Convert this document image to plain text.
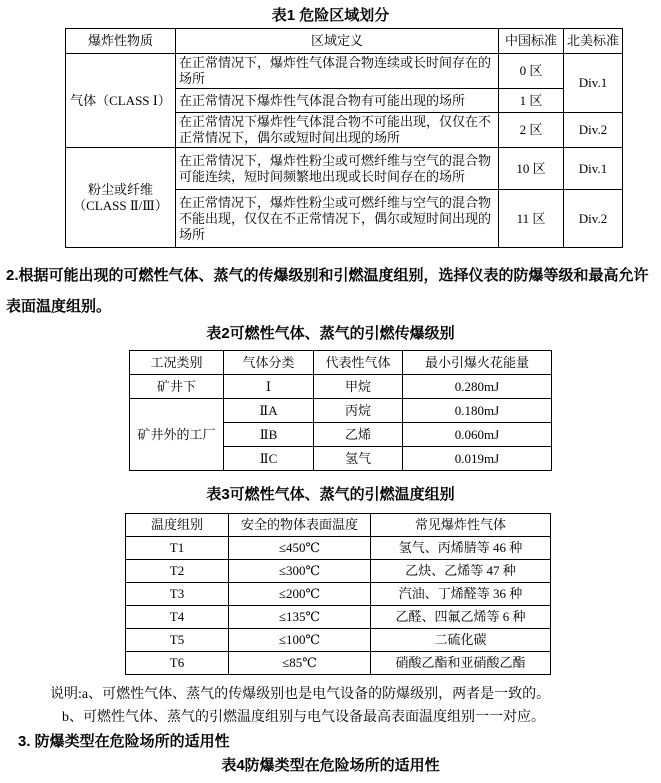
表1 危险区域划分
爆炸性物质	区域定义	中国标准	北美标准
气体（CLASS Ⅰ）	在正常情况下，爆炸性气体混合物连续或长时间存在的场所	0 区	Div.1
	在正常情况下爆炸性气体混合物有可能出现的场所	1 区	
	在正常情况下爆炸性气体混合物不可能出现，仅仅在不正常情况下，偶尔或短时间出现的场所	2 区	Div.2
粉尘或纤维 （CLASS Ⅱ/Ⅲ）	在正常情况下，爆炸性粉尘或可燃纤维与空气的混合物可能连续，短时间频繁地出现或长时间存在的场所	10 区	Div.1
	在正常情况下，爆炸性粉尘或可燃纤维与空气的混合物不能出现，仅仅在不正常情况下，偶尔或短时间出现的场所	11 区	Div.2
2.根据可能出现的可燃性气体、蒸气的传爆级别和引燃温度组别，选择仪表的防爆等级和最高允许表面温度组别。
表2可燃性气体、蒸气的引燃传爆级别
工况类别	气体分类	代表性气体	最小引爆火花能量
矿井下	Ⅰ	甲烷	0.280mJ
矿井外的工厂	ⅡA	丙烷	0.180mJ
	ⅡB	乙烯	0.060mJ
	ⅡC	氢气	0.019mJ
表3可燃性气体、蒸气的引燃温度组别
温度组别	安全的物体表面温度	常见爆炸性气体
T1	≤450℃	氢气、丙烯腈等 46 种
T2	≤300℃	乙炔、乙烯等 47 种
T3	≤200℃	汽油、丁烯醛等 36 种
T4	≤135℃	乙醛、四氟乙烯等 6 种
T5	≤100℃	二硫化碳
T6	≤85℃	硝酸乙酯和亚硝酸乙酯
说明:a、可燃性气体、蒸气的传爆级别也是电气设备的防爆级别，两者是一致的。
b、可燃性气体、蒸气的引燃温度组别与电气设备最高表面温度组别一一对应。
3. 防爆类型在危险场所的适用性
表4防爆类型在危险场所的适用性
